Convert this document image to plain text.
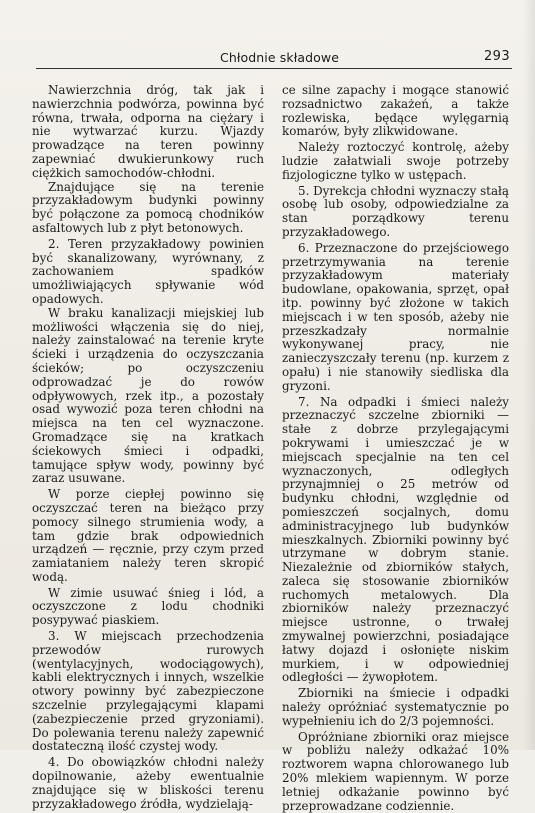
Chłodnie składowe	293

Nawierzchnia dróg, tak jak i nawierzchnia podwórza, powinna być równa, trwała, odporna na ciężary i nie wytwarzać kurzu. Wjazdy prowadzące na teren powinny zapewniać dwukierunkowy ruch ciężkich samochodów-chłodni.

Znajdujące się na terenie przyzakładowym budynki powinny być połączone za pomocą chodników asfaltowych lub z płyt betonowych.

2. Teren przyzakładowy powinien być skanalizowany, wyrównany, z zachowaniem spadków umożliwiających spływanie wód opadowych.

W braku kanalizacji miejskiej lub możliwości włączenia się do niej, należy zainstalować na terenie kryte ścieki i urządzenia do oczyszczania ścieków; po oczyszczeniu odprowadzać je do rowów odpływowych, rzek itp., a pozostały osad wywozić poza teren chłodni na miejsca na ten cel wyznaczone. Gromadzące się na kratkach ściekowych śmieci i odpadki, tamujące spływ wody, powinny być zaraz usuwane.

W porze ciepłej powinno się oczyszczać teren na bieżąco przy pomocy silnego strumienia wody, a tam gdzie brak odpowiednich urządzeń — ręcznie, przy czym przed zamiataniem należy teren skropić wodą.

W zimie usuwać śnieg i lód, a oczyszczone z lodu chodniki posypywać piaskiem.

3. W miejscach przechodzenia przewodów rurowych (wentylacyjnych, wodociągowych), kabli elektrycznych i innych, wszelkie otwory powinny być zabezpieczone szczelnie przylegającymi klapami (zabezpieczenie przed gryzoniami). Do polewania terenu należy zapewnić dostateczną ilość czystej wody.

4. Do obowiązków chłodni należy dopilnowanie, ażeby ewentualnie znajdujące się w bliskości terenu przyzakładowego źródła, wydzielają-

ce silne zapachy i mogące stanowić rozsadnictwo zakażeń, a także rozlewiska, będące wylęgarnią komarów, były zlikwidowane.

Należy roztoczyć kontrolę, ażeby ludzie załatwiali swoje potrzeby fizjologiczne tylko w ustępach.

5. Dyrekcja chłodni wyznaczy stałą osobę lub osoby, odpowiedzialne za stan porządkowy terenu przyzakładowego.

6. Przeznaczone do przejściowego przetrzymywania na terenie przyzakładowym materiały budowlane, opakowania, sprzęt, opał itp. powinny być złożone w takich miejscach i w ten sposób, ażeby nie przeszkadzały normalnie wykonywanej pracy, nie zanieczyszczały terenu (np. kurzem z opału) i nie stanowiły siedliska dla gryzoni.

7. Na odpadki i śmieci należy przeznaczyć szczelne zbiorniki — stałe z dobrze przylegającymi pokrywami i umieszczać je w miejscach specjalnie na ten cel wyznaczonych, odległych przynajmniej o 25 metrów od budynku chłodni, względnie od pomieszczeń socjalnych, domu administracyjnego lub budynków mieszkalnych. Zbiorniki powinny być utrzymane w dobrym stanie. Niezależnie od zbiorników stałych, zaleca się stosowanie zbiorników ruchomych metalowych. Dla zbiorników należy przeznaczyć miejsce ustronne, o trwałej zmywalnej powierzchni, posiadające łatwy dojazd i osłonięte niskim murkiem, i w odpowiedniej odległości — żywopłotem.

Zbiorniki na śmiecie i odpadki należy opróżniać systematycznie po wypełnieniu ich do 2/3 pojemności.

Opróżniane zbiorniki oraz miejsce w pobliżu należy odkażać 10% roztworem wapna chlorowanego lub 20% mlekiem wapiennym. W porze letniej odkażanie powinno być przeprowadzane codziennie.
